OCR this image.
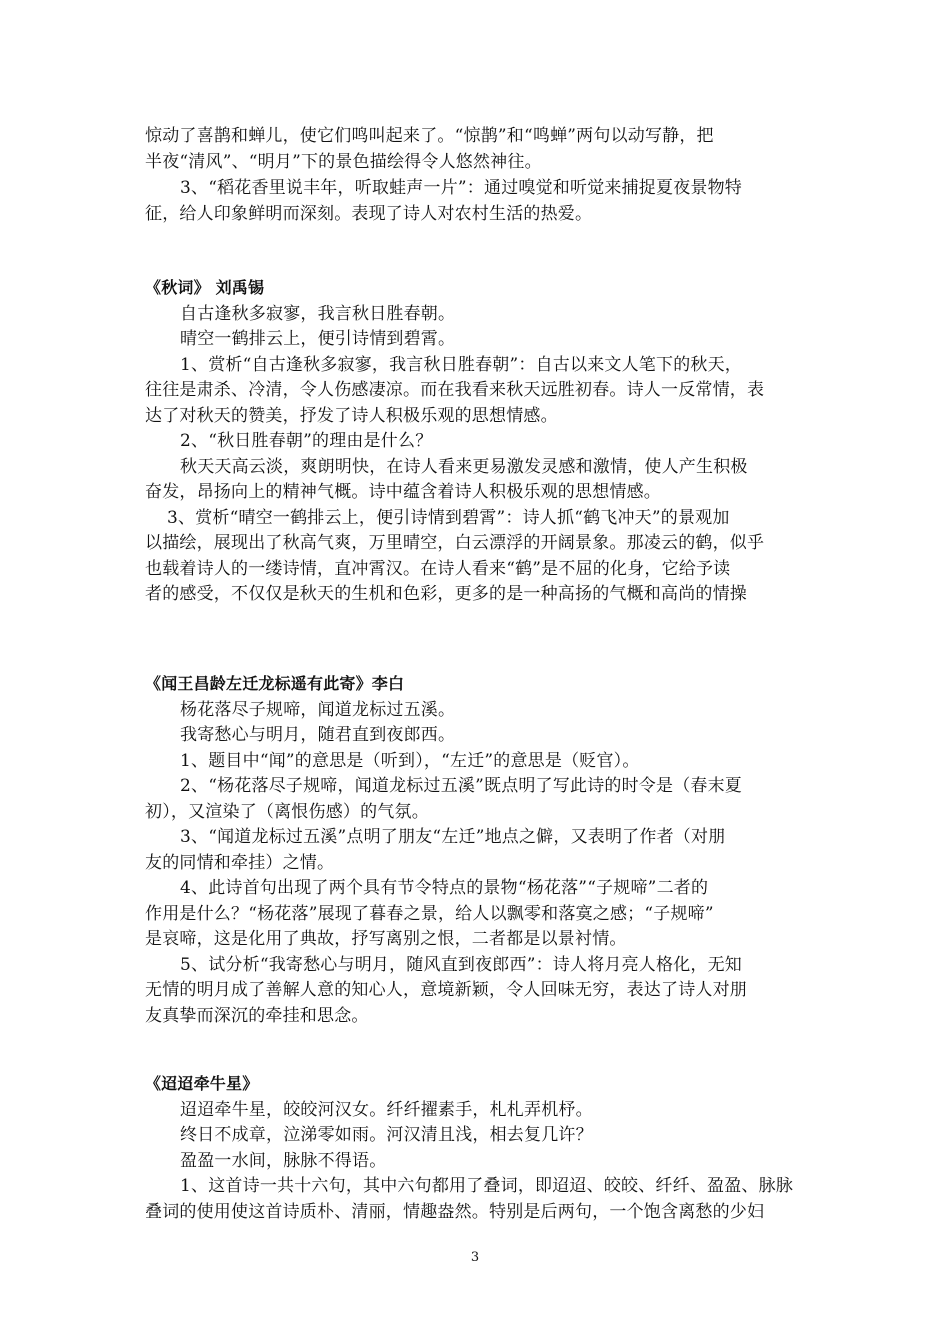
惊动了喜鹊和蝉儿，使它们鸣叫起来了。“惊鹊”和“鸣蝉”两句以动写静，把
半夜“清风”、“明月”下的景色描绘得令人悠然神往。
3、“稻花香里说丰年，听取蛙声一片”：通过嗅觉和听觉来捕捉夏夜景物特
征，给人印象鲜明而深刻。表现了诗人对农村生活的热爱。
《秋词》 刘禹锡
自古逢秋多寂寥，我言秋日胜春朝。
晴空一鹤排云上，便引诗情到碧霄。
1、赏析“自古逢秋多寂寥，我言秋日胜春朝”：自古以来文人笔下的秋天，
往往是肃杀、冷清，令人伤感凄凉。而在我看来秋天远胜初春。诗人一反常情，表
达了对秋天的赞美，抒发了诗人积极乐观的思想情感。
2、“秋日胜春朝”的理由是什么？
秋天天高云淡，爽朗明快，在诗人看来更易激发灵感和激情，使人产生积极
奋发，昂扬向上的精神气概。诗中蕴含着诗人积极乐观的思想情感。
3、赏析“晴空一鹤排云上，便引诗情到碧霄”：诗人抓“鹤飞冲天”的景观加
以描绘，展现出了秋高气爽，万里晴空，白云漂浮的开阔景象。那凌云的鹤，似乎
也载着诗人的一缕诗情，直冲霄汉。在诗人看来“鹤”是不屈的化身，它给予读
者的感受，不仅仅是秋天的生机和色彩，更多的是一种高扬的气概和高尚的情操
《闻王昌龄左迁龙标遥有此寄》李白
杨花落尽子规啼，闻道龙标过五溪。
我寄愁心与明月，随君直到夜郎西。
1、题目中“闻”的意思是（听到），“左迁”的意思是（贬官）。
2、“杨花落尽子规啼，闻道龙标过五溪”既点明了写此诗的时令是（春末夏
初），又渲染了（离恨伤感）的气氛。
3、“闻道龙标过五溪”点明了朋友“左迁”地点之僻，又表明了作者（对朋
友的同情和牵挂）之情。
4、此诗首句出现了两个具有节令特点的景物“杨花落”“子规啼”二者的
作用是什么？“杨花落”展现了暮春之景，给人以飘零和落寞之感；“子规啼”
是哀啼，这是化用了典故，抒写离别之恨，二者都是以景衬情。
5、试分析“我寄愁心与明月，随风直到夜郎西”：诗人将月亮人格化，无知
无情的明月成了善解人意的知心人，意境新颖，令人回味无穷，表达了诗人对朋
友真挚而深沉的牵挂和思念。
《迢迢牵牛星》
迢迢牵牛星，皎皎河汉女。纤纤擢素手，札札弄机杼。
终日不成章，泣涕零如雨。河汉清且浅，相去复几许？
盈盈一水间，脉脉不得语。
1、这首诗一共十六句，其中六句都用了叠词，即迢迢、皎皎、纤纤、盈盈、脉脉
叠词的使用使这首诗质朴、清丽，情趣盎然。特别是后两句，一个饱含离愁的少妇
3
